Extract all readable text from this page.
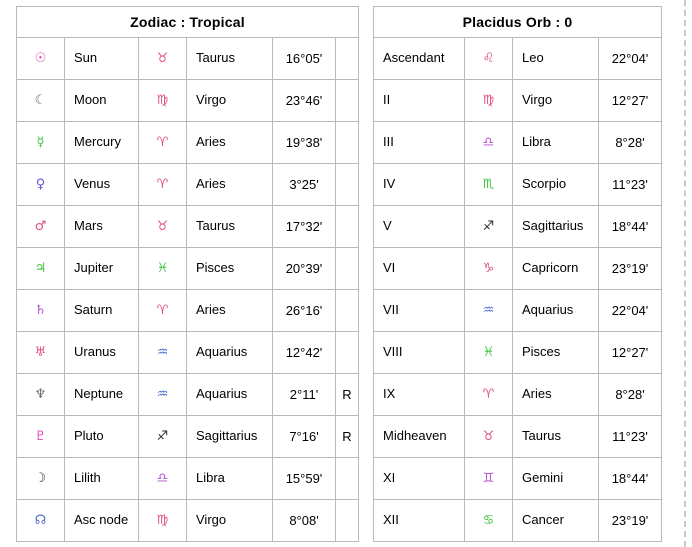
Zodiac : Tropical					
☉	Sun	♉	Taurus	16°05'	
☾	Moon	♍	Virgo	23°46'	
☿	Mercury	♈	Aries	19°38'	
♀	Venus	♈	Aries	3°25'	
♂	Mars	♉	Taurus	17°32'	
♃	Jupiter	♓	Pisces	20°39'	
♄	Saturn	♈	Aries	26°16'	
♅	Uranus	♒	Aquarius	12°42'	
♆	Neptune	♒	Aquarius	2°11'	R
♇	Pluto	♐	Sagittarius	7°16'	R
☽	Lilith	♎	Libra	15°59'	
☊	Asc node	♍	Virgo	8°08'	
Placidus Orb : 0			

Ascendant	♌	Leo	22°04'

II	♍	Virgo	12°27'

III	♎	Libra	8°28'

IV	♏	Scorpio	11°23'

V	♐	Sagittarius	18°44'

VI	♑	Capricorn	23°19'

VII	♒	Aquarius	22°04'

VIII	♓	Pisces	12°27'

IX	♈	Aries	8°28'

Midheaven	♉	Taurus	11°23'

XI	♊	Gemini	18°44'

XII	♋	Cancer	23°19'
